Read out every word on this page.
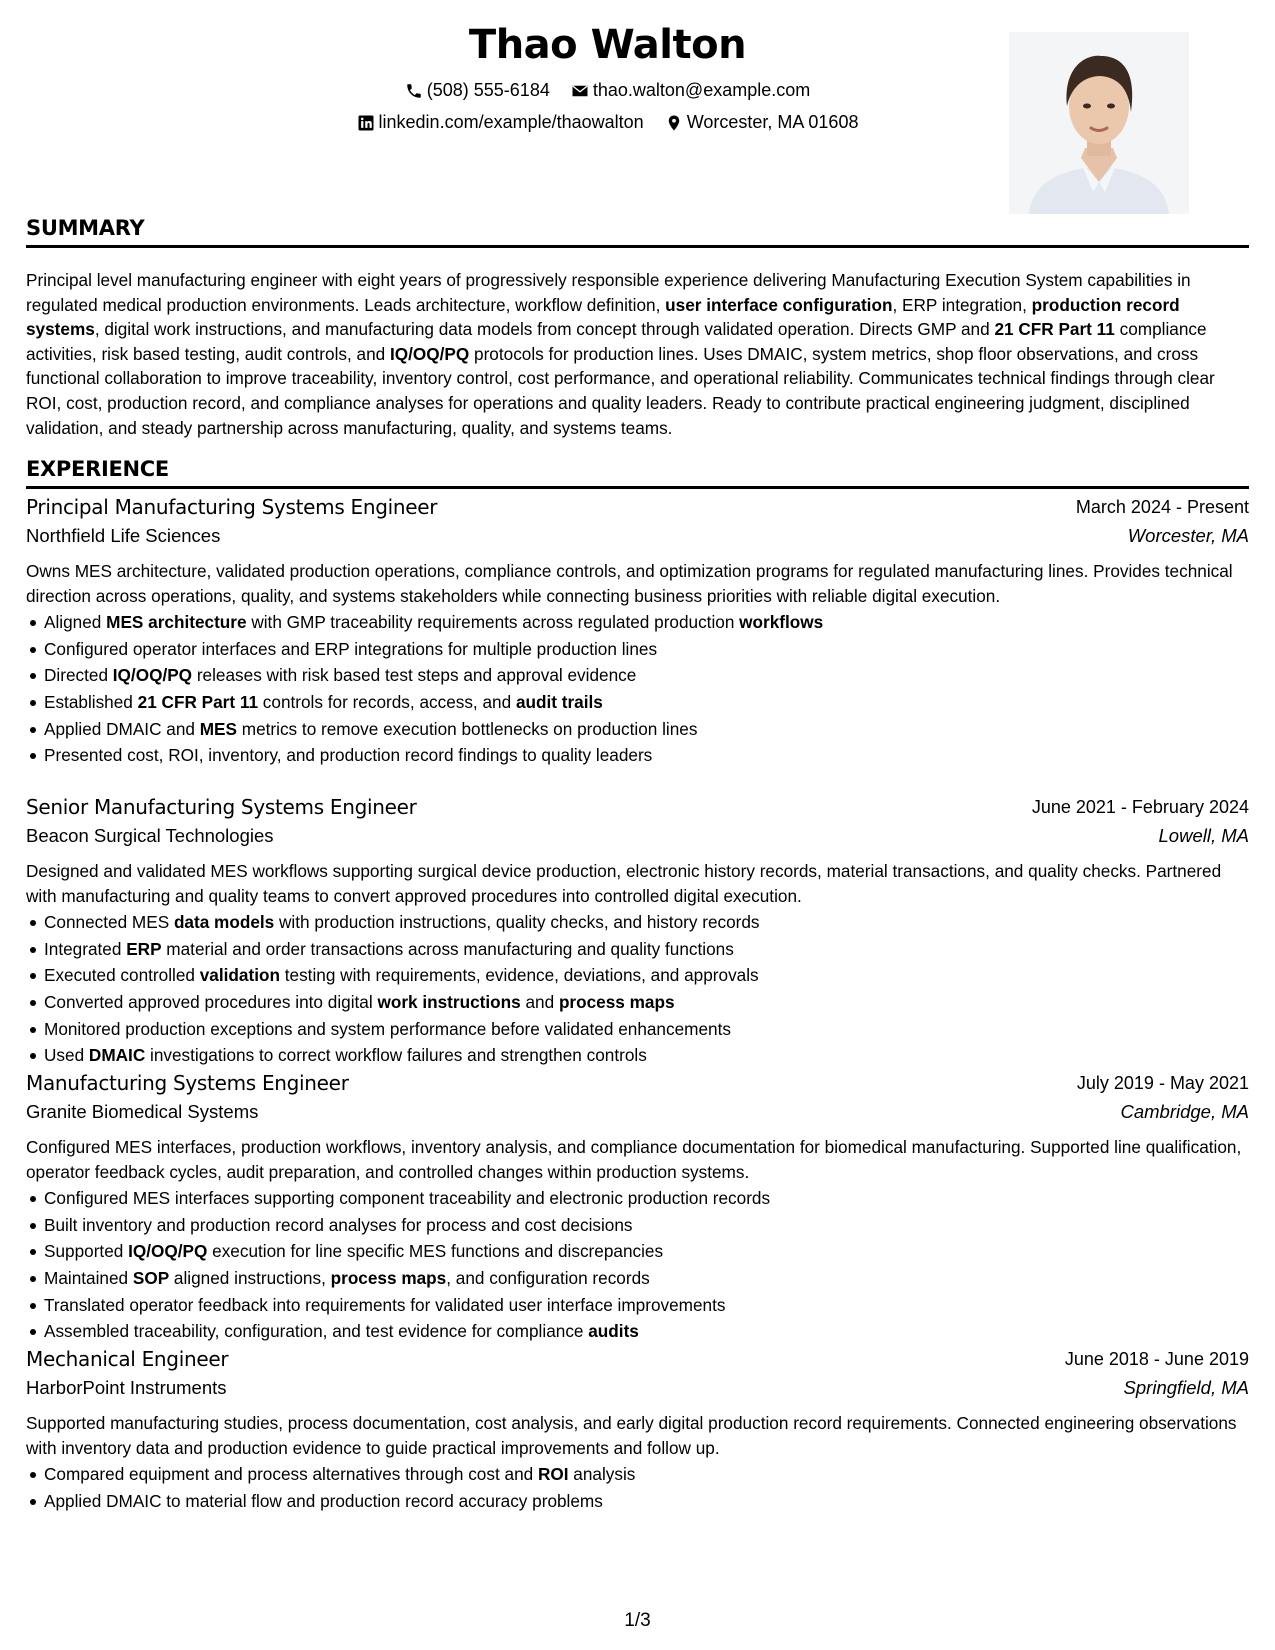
Thao Walton
(508) 555-6184
thao.walton@example.com
linkedin.com/example/thaowalton
Worcester, MA 01608
SUMMARY
Principal level manufacturing engineer with eight years of progressively responsible experience delivering Manufacturing Execution System capabilities in regulated medical production environments. Leads architecture, workflow definition, user interface configuration, ERP integration, production record systems, digital work instructions, and manufacturing data models from concept through validated operation. Directs GMP and 21 CFR Part 11 compliance activities, risk based testing, audit controls, and IQ/OQ/PQ protocols for production lines. Uses DMAIC, system metrics, shop floor observations, and cross functional collaboration to improve traceability, inventory control, cost performance, and operational reliability. Communicates technical findings through clear ROI, cost, production record, and compliance analyses for operations and quality leaders. Ready to contribute practical engineering judgment, disciplined validation, and steady partnership across manufacturing, quality, and systems teams.
EXPERIENCE
Principal Manufacturing Systems Engineer	March 2024 - Present
Northfield Life Sciences	Worcester, MA
Owns MES architecture, validated production operations, compliance controls, and optimization programs for regulated manufacturing lines. Provides technical direction across operations, quality, and systems stakeholders while connecting business priorities with reliable digital execution.
Aligned MES architecture with GMP traceability requirements across regulated production workflows
Configured operator interfaces and ERP integrations for multiple production lines
Directed IQ/OQ/PQ releases with risk based test steps and approval evidence
Established 21 CFR Part 11 controls for records, access, and audit trails
Applied DMAIC and MES metrics to remove execution bottlenecks on production lines
Presented cost, ROI, inventory, and production record findings to quality leaders
Senior Manufacturing Systems Engineer	June 2021 - February 2024
Beacon Surgical Technologies	Lowell, MA
Designed and validated MES workflows supporting surgical device production, electronic history records, material transactions, and quality checks. Partnered with manufacturing and quality teams to convert approved procedures into controlled digital execution.
Connected MES data models with production instructions, quality checks, and history records
Integrated ERP material and order transactions across manufacturing and quality functions
Executed controlled validation testing with requirements, evidence, deviations, and approvals
Converted approved procedures into digital work instructions and process maps
Monitored production exceptions and system performance before validated enhancements
Used DMAIC investigations to correct workflow failures and strengthen controls
Manufacturing Systems Engineer	July 2019 - May 2021
Granite Biomedical Systems	Cambridge, MA
Configured MES interfaces, production workflows, inventory analysis, and compliance documentation for biomedical manufacturing. Supported line qualification, operator feedback cycles, audit preparation, and controlled changes within production systems.
Configured MES interfaces supporting component traceability and electronic production records
Built inventory and production record analyses for process and cost decisions
Supported IQ/OQ/PQ execution for line specific MES functions and discrepancies
Maintained SOP aligned instructions, process maps, and configuration records
Translated operator feedback into requirements for validated user interface improvements
Assembled traceability, configuration, and test evidence for compliance audits
Mechanical Engineer	June 2018 - June 2019
HarborPoint Instruments	Springfield, MA
Supported manufacturing studies, process documentation, cost analysis, and early digital production record requirements. Connected engineering observations with inventory data and production evidence to guide practical improvements and follow up.
Compared equipment and process alternatives through cost and ROI analysis
Applied DMAIC to material flow and production record accuracy problems
1/3
